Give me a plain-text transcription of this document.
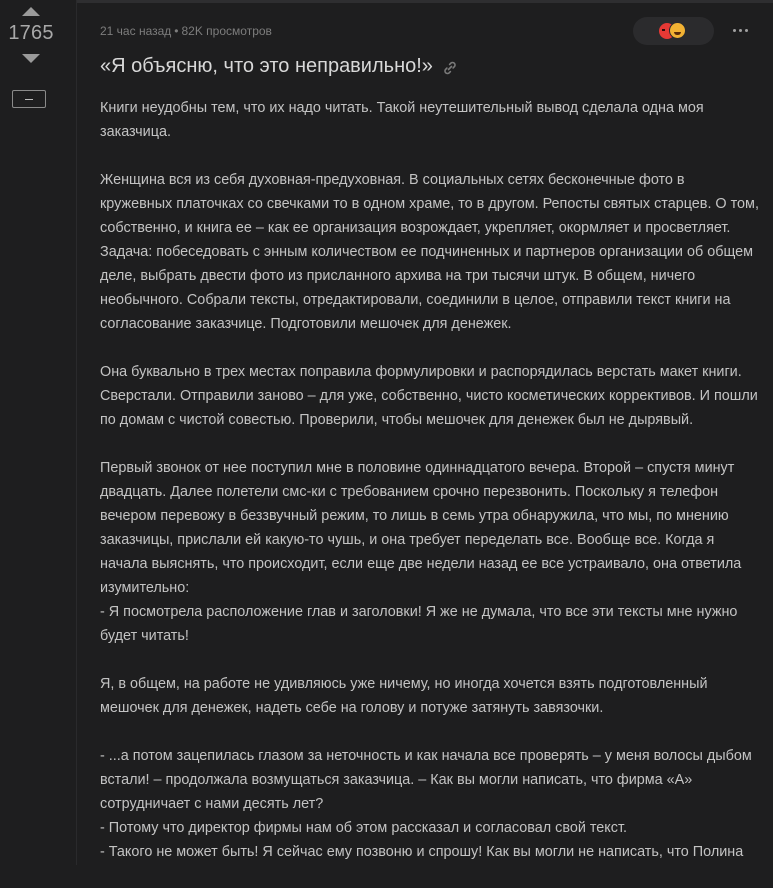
1765	21 час назад • 82K просмотров
«Я объясню, что это неправильно!»

Книги неудобны тем, что их надо читать. Такой неутешительный вывод сделала одна моя заказчица.

Женщина вся из себя духовная-предуховная. В социальных сетях бесконечные фото в кружевных платочках со свечками то в одном храме, то в другом. Репосты святых старцев. О том, собственно, и книга ее – как ее организация возрождает, укрепляет, окормляет и просветляет. Задача: побеседовать с энным количеством ее подчиненных и партнеров организации об общем деле, выбрать двести фото из присланного архива на три тысячи штук. В общем, ничего необычного. Собрали тексты, отредактировали, соединили в целое, отправили текст книги на согласование заказчице. Подготовили мешочек для денежек.

Она буквально в трех местах поправила формулировки и распорядилась верстать макет книги. Сверстали. Отправили заново – для уже, собственно, чисто косметических коррективов. И пошли по домам с чистой совестью. Проверили, чтобы мешочек для денежек был не дырявый.

Первый звонок от нее поступил мне в половине одиннадцатого вечера. Второй – спустя минут двадцать. Далее полетели смс-ки с требованием срочно перезвонить. Поскольку я телефон вечером перевожу в беззвучный режим, то лишь в семь утра обнаружила, что мы, по мнению заказчицы, прислали ей какую-то чушь, и она требует переделать все. Вообще все. Когда я начала выяснять, что происходит, если еще две недели назад ее все устраивало, она ответила изумительно:
- Я посмотрела расположение глав и заголовки! Я же не думала, что все эти тексты мне нужно будет читать!

Я, в общем, на работе не удивляюсь уже ничему, но иногда хочется взять подготовленный мешочек для денежек, надеть себе на голову и потуже затянуть завязочки.

- ...а потом зацепилась глазом за неточность и как начала все проверять – у меня волосы дыбом встали! – продолжала возмущаться заказчица. – Как вы могли написать, что фирма «А» сотрудничает с нами десять лет?
- Потому что директор фирмы нам об этом рассказал и согласовал свой текст.
- Такого не может быть! Я сейчас ему позвоню и спрошу! Как вы могли не написать, что Полина
